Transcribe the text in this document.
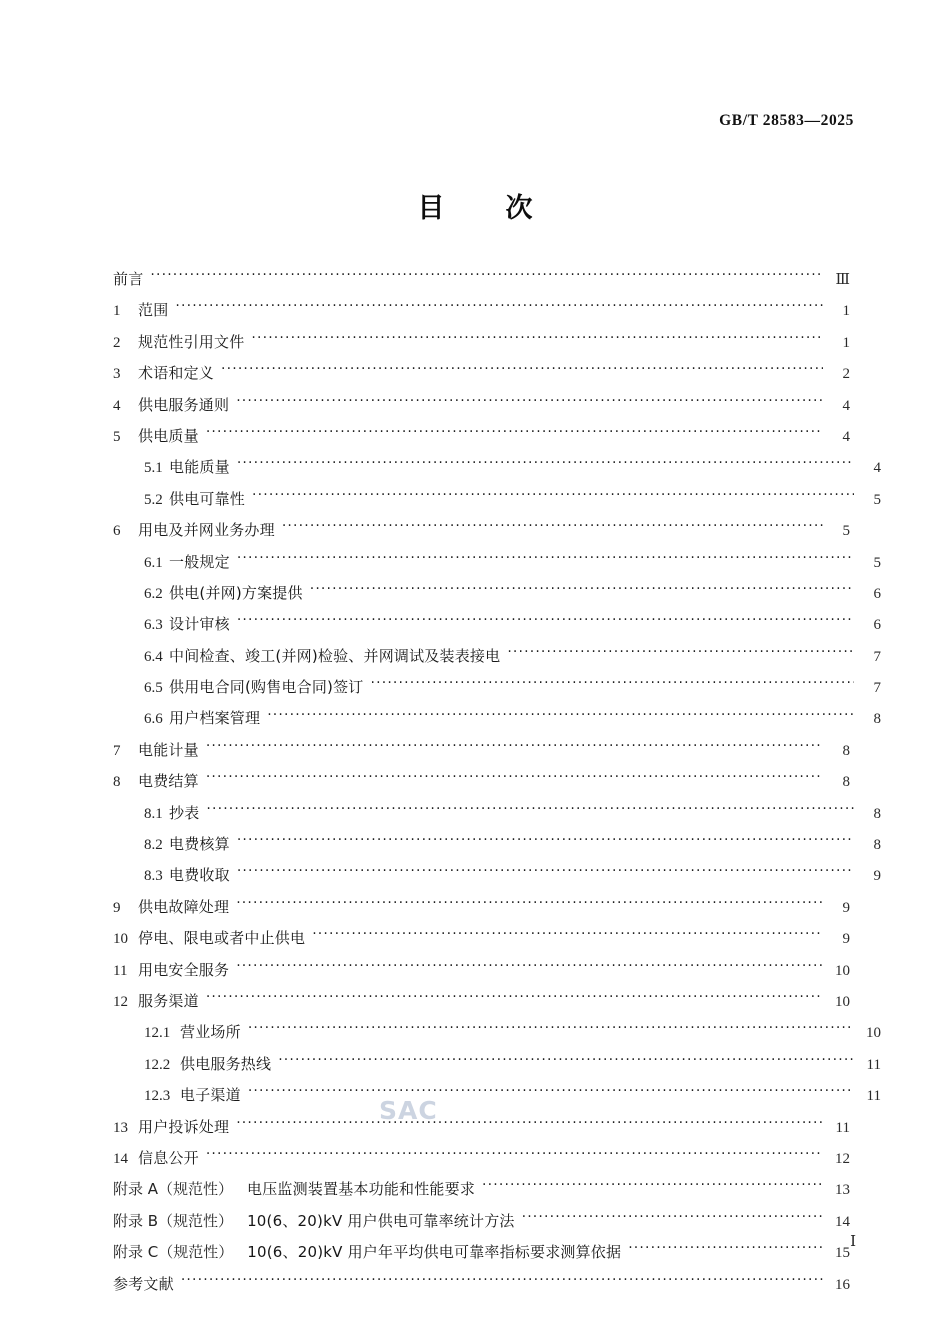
GB/T 28583—2025
目　次
前言 ·····	Ⅲ
1	范围 ·····	1
2	规范性引用文件 ·····	1
3	术语和定义 ·····	2
4	供电服务通则 ·····	4
5	供电质量 ·····	4
5.1 电能质量 ·····	4
5.2 供电可靠性 ·····	5
6	用电及并网业务办理 ·····	5
6.1 一般规定 ·····	5
6.2 供电(并网)方案提供 ·····	6
6.3 设计审核 ·····	6
6.4 中间检查、竣工(并网)检验、并网调试及装表接电 ·····	7
6.5 供用电合同(购售电合同)签订 ·····	7
6.6 用户档案管理 ·····	8
7	电能计量 ·····	8
8	电费结算 ·····	8
8.1 抄表 ·····	8
8.2 电费核算 ·····	8
8.3 电费收取 ·····	9
9	供电故障处理 ·····	9
10 停电、限电或者中止供电 ·····	9
11 用电安全服务 ·····	10
12 服务渠道 ·····	10
12.1 营业场所 ·····	10
12.2 供电服务热线 ·····	11
12.3 电子渠道 ·····	11
13 用户投诉处理 ·····	11
14 信息公开 ·····	12
附录 A（规范性） 电压监测装置基本功能和性能要求 ·····	13
附录 B（规范性） 10(6、20)kV 用户供电可靠率统计方法 ·····	14
附录 C（规范性） 10(6、20)kV 用户年平均供电可靠率指标要求测算依据 ·····	15
参考文献 ·····	16
SAC
Ⅰ
